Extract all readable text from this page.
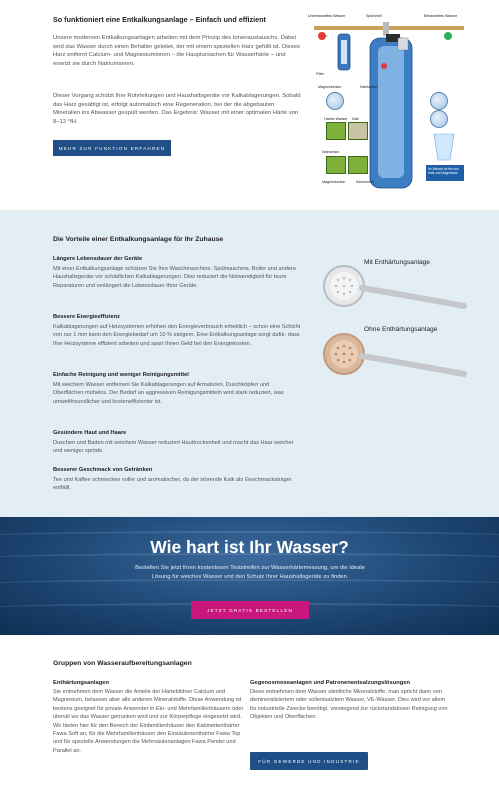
So funktioniert eine Entkalkungsanlage – Einfach und effizient

Unsere modernen Entkalkungsanlagen arbeiten mit dem Prinzip des Ionenaustauschs. Dabei wird das Wasser durch einen Behälter geleitet, der mit einem speziellen Harz gefüllt ist. Dieses Harz entfernt Calcium- und Magnesiumionen – die Hauptursachen für Wasserhärte – und ersetzt sie durch Natriumionen.

Dieser Vorgang schützt Ihre Rohrleitungen und Haushaltsgeräte vor Kalkablagerungen. Sobald das Harz gesättigt ist, erfolgt automatisch eine Regeneration, bei der die abgebauten Mineralien ins Abwasser gespült werden. Das Ergebnis: Wasser mit einer optimalen Härte von 8–12 °fH.

MEHR ZUR FUNKTION ERFAHREN
Unbehandeltes Wasser	Spülventil	Behandeltes Wasser
Filter
Magnesiumion	Natriumion
Hartes Wasser Kalk
Natriumion
Magnesiumion	Kalziumion
Ihr Wasser ist frei von Kalk und Magnesium
Die Vorteile einer Entkalkungsanlage für Ihr Zuhause
Längere Lebensdauer der Geräte

Mit einer Entkalkungsanlage schützen Sie Ihre Waschmaschine, Spülmaschine, Boiler und andere Haushaltsgeräte vor schädlichen Kalkablagerungen. Dies reduziert die Notwendigkeit für teure Reparaturen und verlängert die Lebensdauer Ihrer Geräte.

Bessere Energieeffizienz

Kalkablagerungen auf Heizsystemen erhöhen den Energieverbrauch erheblich – schon eine Schicht von nur 1 mm kann den Energiebedarf um 10 % steigern. Eine Entkalkungsanlage sorgt dafür, dass Ihre Heizsysteme effizient arbeiten und spart Ihnen Geld bei den Energiekosten.

Einfache Reinigung und weniger Reinigungsmittel

Mit weichem Wasser entfernen Sie Kalkablagerungen auf Armaturen, Duschköpfen und Oberflächen mühelos. Der Bedarf an aggressiven Reinigungsmitteln wird stark reduziert, was umweltfreundlicher und kosteneffizienter ist.

Gesündere Haut und Haare

Duschen und Baden mit weichem Wasser reduziert Hauttrockenheit und macht das Haar weicher und weniger spröde.

Besserer Geschmack von Getränken

Tee und Kaffee schmecken voller und aromatischer, da der störende Kalk als Geschmacksträger entfällt.

Mit Enthärtungsanlage
Ohne Enthärtungsanlage
Wie hart ist Ihr Wasser?

Bestellen Sie jetzt Ihren kostenlosen Teststreifen zur Wasserhärtemessung, um die ideale Lösung für weiches Wasser und den Schutz Ihrer Haushaltsgeräte zu finden.

JETZT GRATIS BESTELLEN
Gruppen von Wasseraufbereitungsanlagen
Enthärtungsanlagen

Sie entnehmen dem Wasser die Anteile der Härtebildner Calcium und Magnesium, belassen aber alle anderen Mineralstoffe. Diese Anwendung ist bestens geeignet für private Anwender in Ein- und Mehrfamilienhäusern oder überall wo das Wasser getrunken wird und zur Körperpflege eingesetzt wird. Wir bieten hier für den Bereich der Einfamilienhäuser den Kabinettenthärter Fawa Soft an, für die Mehrfamilienhäuser den Einsäulenenthärter Fawa Top und für spezielle Anwendungen die Mehrsäulenanlagen Fawa Pendel und Parallel an.

Gegenosmoseanlagen und Patronenentsalzungslösungen

Diese entnehmen dem Wasser sämtliche Mineralstoffe, man spricht dann von demineralisiertem oder vollentsalztem Wasser, VE-Wasser. Dies wird vor allem für industrielle Zwecke benötigt, vorwiegend zur rückstandslosen Reinigung von Objekten und Oberflächen.

FÜR GEWERBE UND INDUSTRIE
